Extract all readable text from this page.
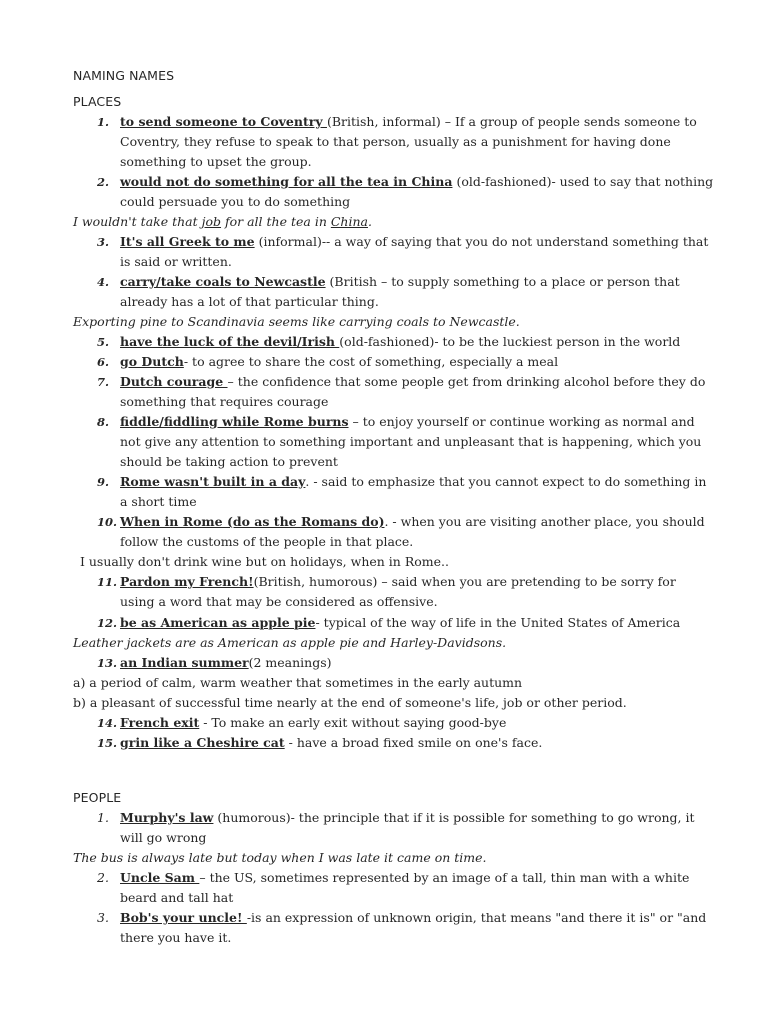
NAMING NAMES
PLACES
1. to send someone to Coventry (British, informal) – If a group of people sends someone to
Coventry, they refuse to speak to that person, usually as a punishment for having done
something to upset the group.
2. would not do something for all the tea in China (old-fashioned)- used to say that nothing
could persuade you to do something
I wouldn't take that job for all the tea in China.
3. It's all Greek to me (informal)-- a way of saying that you do not understand something that
is said or written.
4. carry/take coals to Newcastle (British – to supply something to a place or person that
already has a lot of that particular thing.
Exporting pine to Scandinavia seems like carrying coals to Newcastle.
5. have the luck of the devil/Irish (old-fashioned)- to be the luckiest person in the world
6. go Dutch- to agree to share the cost of something, especially a meal
7. Dutch courage – the confidence that some people get from drinking alcohol before they do
something that requires courage
8. fiddle/fiddling while Rome burns – to enjoy yourself or continue working as normal and
not give any attention to something important and unpleasant that is happening, which you
should be taking action to prevent
9. Rome wasn't built in a day. - said to emphasize that you cannot expect to do something in
a short time
10. When in Rome (do as the Romans do). - when you are visiting another place, you should
follow the customs of the people in that place.
I usually don't drink wine but on holidays, when in Rome..
11. Pardon my French!(British, humorous) – said when you are pretending to be sorry for
using a word that may be considered as offensive.
12. be as American as apple pie- typical of the way of life in the United States of America
Leather jackets are as American as apple pie and Harley-Davidsons.
13. an Indian summer(2 meanings)
a) a period of calm, warm weather that sometimes in the early autumn
b) a pleasant of successful time nearly at the end of someone's life, job or other period.
14. French exit - To make an early exit without saying good-bye
15. grin like a Cheshire cat - have a broad fixed smile on one's face.
PEOPLE
1. Murphy's law (humorous)- the principle that if it is possible for something to go wrong, it
will go wrong
The bus is always late but today when I was late it came on time.
2. Uncle Sam – the US, sometimes represented by an image of a tall, thin man with a white
beard and tall hat
3. Bob's your uncle! -is an expression of unknown origin, that means "and there it is" or "and
there you have it.
